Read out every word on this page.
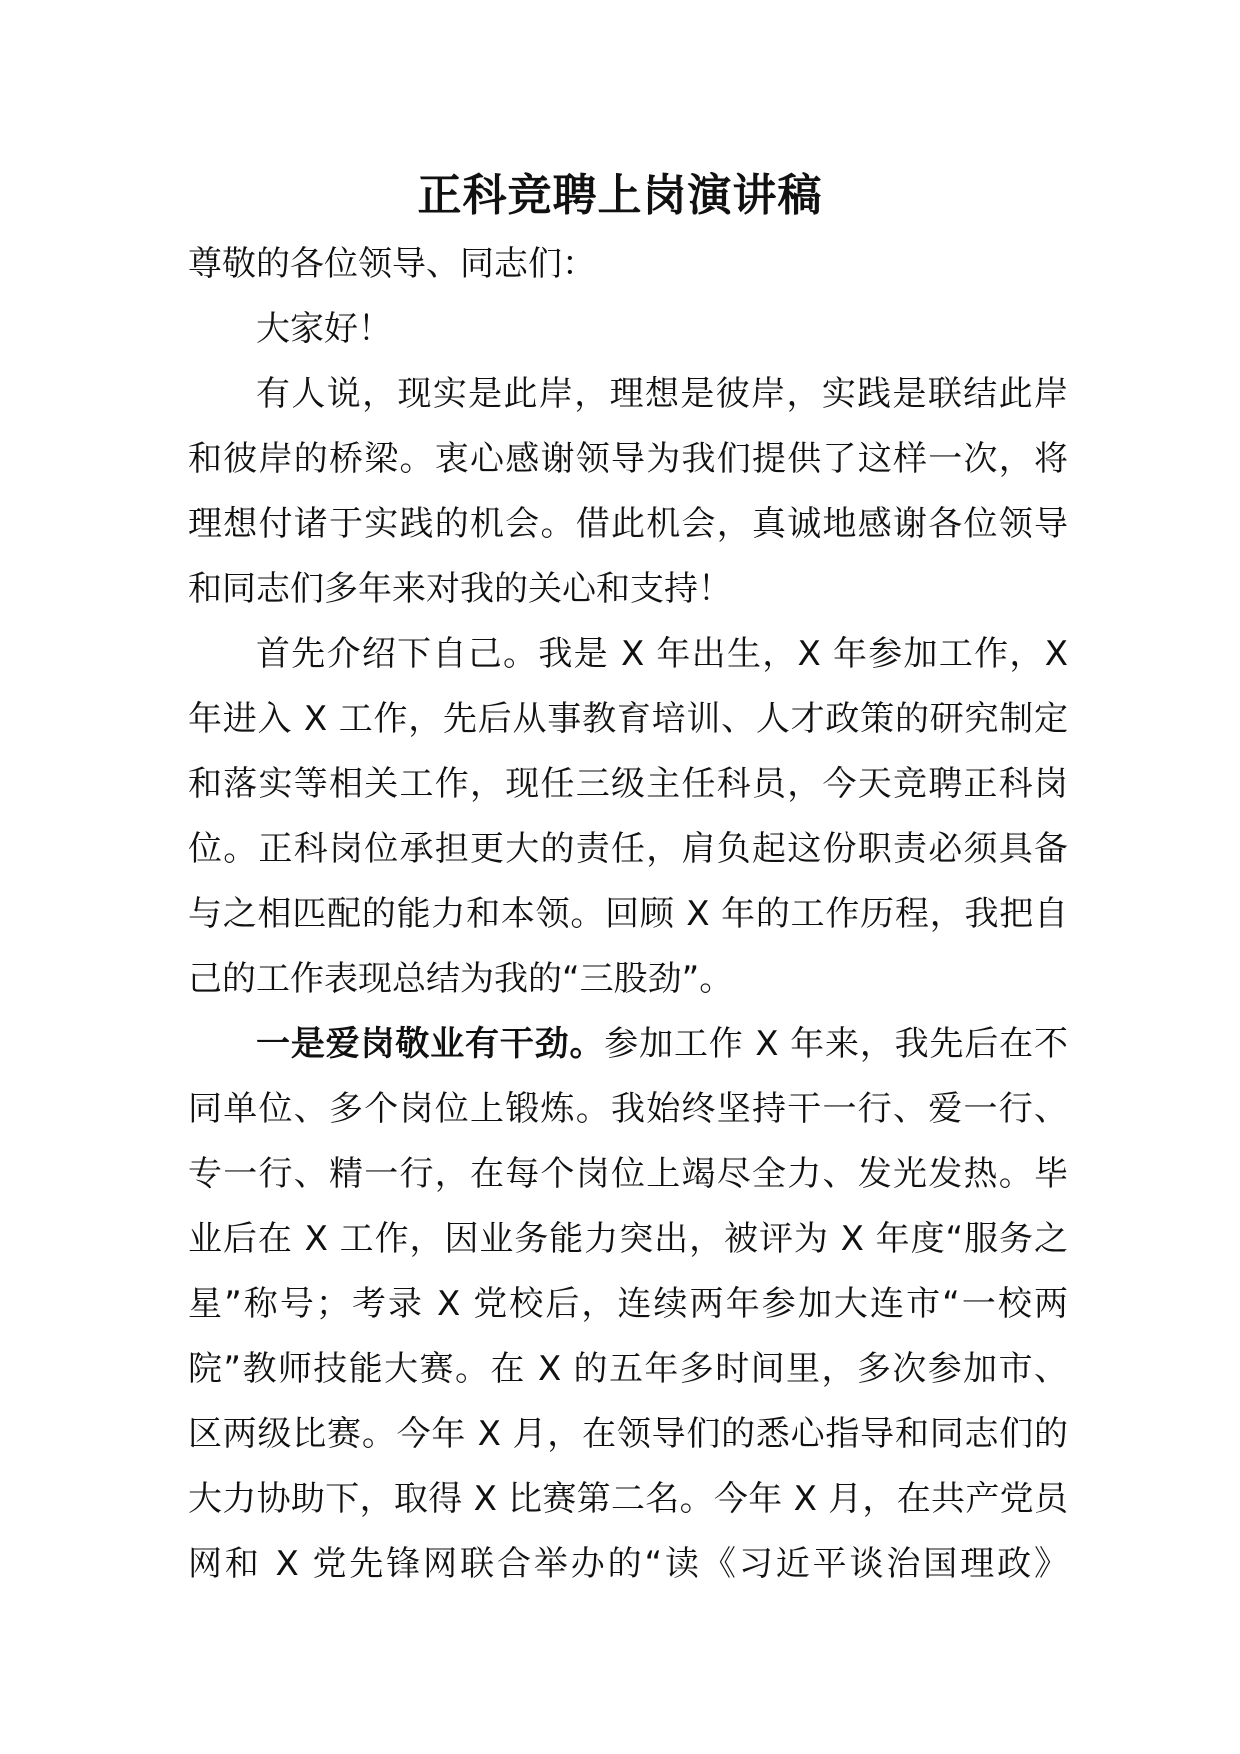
正科竞聘上岗演讲稿
尊敬的各位领导、同志们：
大家好！
有人说，现实是此岸，理想是彼岸，实践是联结此岸
和彼岸的桥梁。衷心感谢领导为我们提供了这样一次，将
理想付诸于实践的机会。借此机会，真诚地感谢各位领导
和同志们多年来对我的关心和支持！
首先介绍下自己。我是 X 年出生，X 年参加工作，X
年进入 X 工作，先后从事教育培训、人才政策的研究制定
和落实等相关工作，现任三级主任科员，今天竞聘正科岗
位。正科岗位承担更大的责任，肩负起这份职责必须具备
与之相匹配的能力和本领。回顾 X 年的工作历程，我把自
己的工作表现总结为我的“三股劲”。
一是爱岗敬业有干劲。参加工作 X 年来，我先后在不
同单位、多个岗位上锻炼。我始终坚持干一行、爱一行、
专一行、精一行，在每个岗位上竭尽全力、发光发热。毕
业后在 X 工作，因业务能力突出，被评为 X 年度“服务之
星”称号；考录 X 党校后，连续两年参加大连市“一校两
院”教师技能大赛。在 X 的五年多时间里，多次参加市、
区两级比赛。今年 X 月，在领导们的悉心指导和同志们的
大力协助下，取得 X 比赛第二名。今年 X 月，在共产党员
网和 X 党先锋网联合举办的“读《习近平谈治国理政》
